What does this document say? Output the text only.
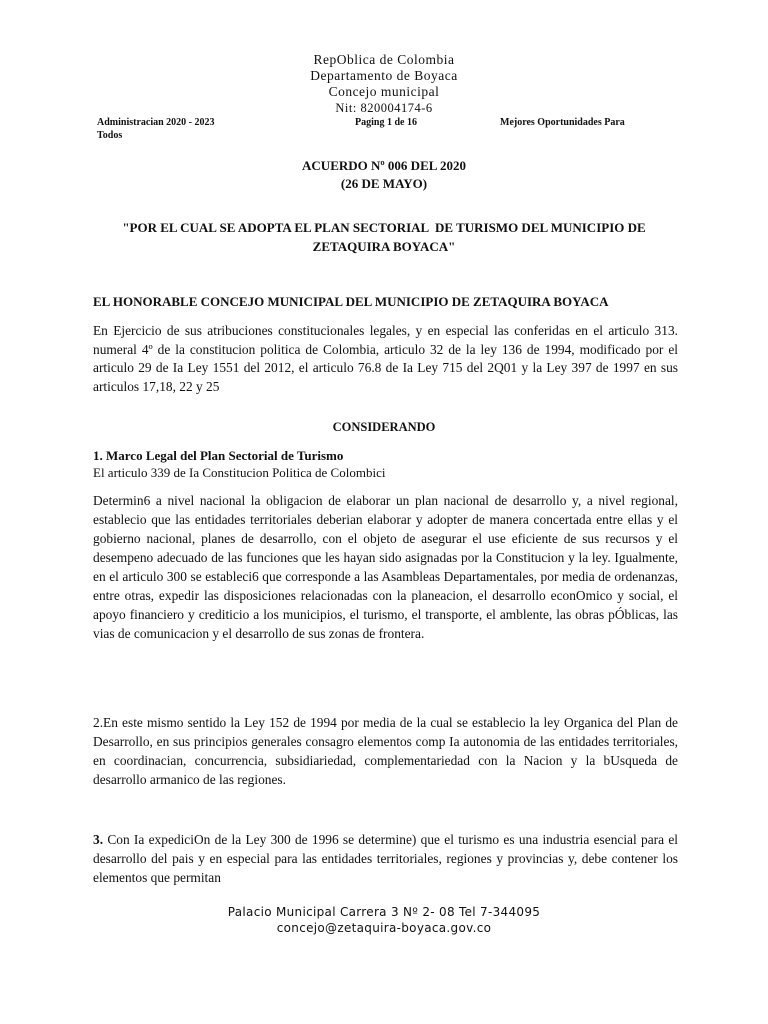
RepOblica de Colombia
Departamento de Boyaca
Concejo municipal
Nit: 820004174-6
Administracian 2020 - 2023
Todos
Paging 1 de 16	Mejores Oportunidades Para
ACUERDO Nº 006 DEL 2020
(26 DE MAYO)
"POR EL CUAL SE ADOPTA EL PLAN SECTORIAL  DE TURISMO DEL MUNICIPIO DE
ZETAQUIRA BOYACA"
EL HONORABLE CONCEJO MUNICIPAL DEL MUNICIPIO DE ZETAQUIRA BOYACA
En Ejercicio de sus atribuciones constitucionales legales, y en especial las conferidas en el articulo 313. numeral 4º de la constitucion politica de Colombia, articulo 32 de la ley 136 de 1994, modificado por el articulo 29 de Ia Ley 1551 del 2012, el articulo 76.8 de Ia Ley 715 del 2Q01 y la Ley 397 de 1997 en sus articulos 17,18, 22 y 25
CONSIDERANDO
1. Marco Legal del Plan Sectorial de Turismo
El articulo 339 de Ia Constitucion Politica de Colombici
Determin6 a nivel nacional la obligacion de elaborar un plan nacional de desarrollo y, a nivel regional, establecio que las entidades territoriales deberian elaborar y adopter de manera concertada entre ellas y el gobierno nacional, planes de desarrollo, con el objeto de asegurar el use eficiente de sus recursos y el desempeno adecuado de las funciones que les hayan sido asignadas por la Constitucion y la ley. Igualmente, en el articulo 300 se estableci6 que corresponde a las Asambleas Departamentales, por media de ordenanzas, entre otras, expedir las disposiciones relacionadas con la planeacion, el desarrollo econOmico y social, el apoyo financiero y crediticio a los municipios, el turismo, el transporte, el amblente, las obras pÓblicas, las vias de comunicacion y el desarrollo de sus zonas de frontera.
2.En este mismo sentido la Ley 152 de 1994 por media de la cual se establecio la ley Organica del Plan de Desarrollo, en sus principios generales consagro elementos comp Ia autonomia de las entidades territoriales, en coordinacian, concurrencia, subsidiariedad, complementariedad con la Nacion y la bUsqueda de desarrollo armanico de las regiones.
3. Con Ia expediciOn de la Ley 300 de 1996 se determine) que el turismo es una industria esencial para el desarrollo del pais y en especial para las entidades territoriales, regiones y provincias y, debe contener los elementos que permitan
Palacio Municipal Carrera 3 Nº 2- 08 Tel 7-344095
concejo@zetaquira-boyaca.gov.co
